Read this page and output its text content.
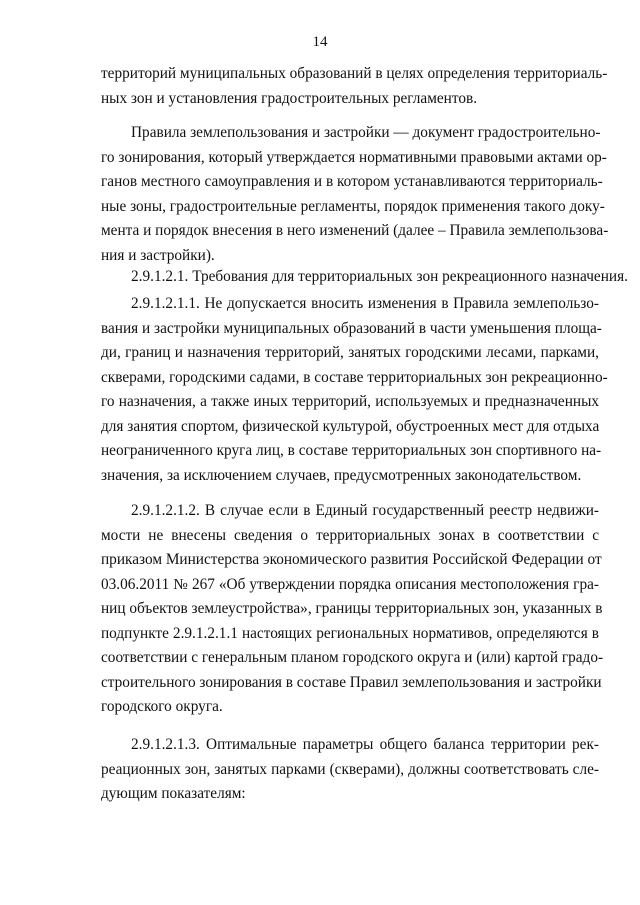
14
территорий муниципальных образований в целях определения территориаль-
ных зон и установления градостроительных регламентов.
Правила землепользования и застройки — документ градостроительно-
го зонирования, который утверждается нормативными правовыми актами ор-
ганов местного самоуправления и в котором устанавливаются территориаль-
ные зоны, градостроительные регламенты, порядок применения такого доку-
мента и порядок внесения в него изменений (далее – Правила землепользова-
ния и застройки).
2.9.1.2.1. Требования для территориальных зон рекреационного назначения.
2.9.1.2.1.1. Не допускается вносить изменения в Правила землепользо-
вания и застройки муниципальных образований в части уменьшения площа-
ди, границ и назначения территорий, занятых городскими лесами, парками,
скверами, городскими садами, в составе территориальных зон рекреационно-
го назначения, а также иных территорий, используемых и предназначенных
для занятия спортом, физической культурой, обустроенных мест для отдыха
неограниченного круга лиц, в составе территориальных зон спортивного на-
значения, за исключением случаев, предусмотренных законодательством.
2.9.1.2.1.2. В случае если в Единый государственный реестр недвижи-
мости не внесены сведения о территориальных зонах в соответствии с
приказом Министерства экономического развития Российской Федерации от
03.06.2011 № 267 «Об утверждении порядка описания местоположения гра-
ниц объектов землеустройства», границы территориальных зон, указанных в
подпункте 2.9.1.2.1.1 настоящих региональных нормативов, определяются в
соответствии с генеральным планом городского округа и (или) картой градо-
строительного зонирования в составе Правил землепользования и застройки
городского округа.
2.9.1.2.1.3. Оптимальные параметры общего баланса территории рек-
реационных зон, занятых парками (скверами), должны соответствовать сле-
дующим показателям:
